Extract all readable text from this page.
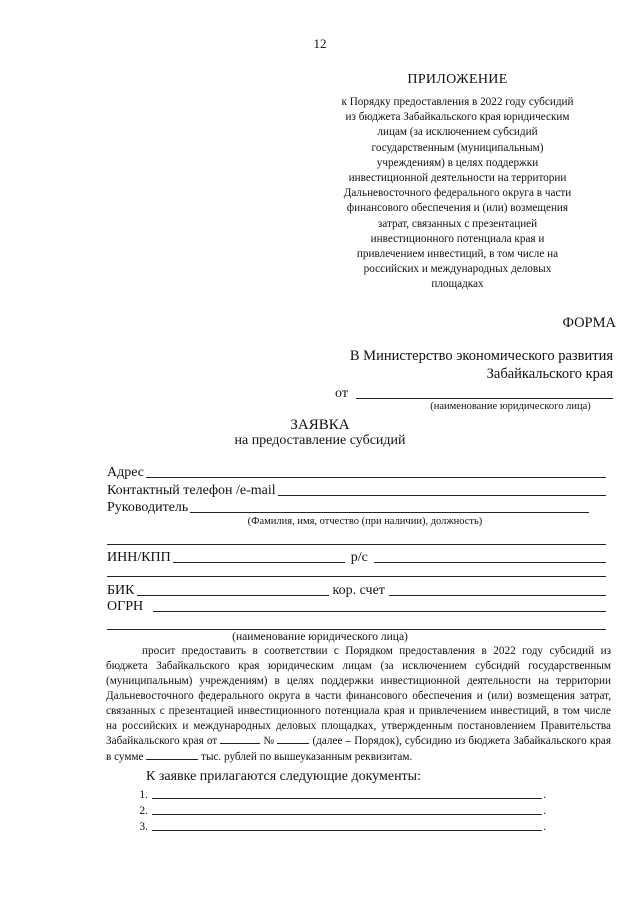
12
ПРИЛОЖЕНИЕ
к Порядку предоставления в 2022 году субсидий
из бюджета Забайкальского края юридическим
лицам (за исключением субсидий
государственным (муниципальным)
учреждениям) в целях поддержки
инвестиционной деятельности на территории
Дальневосточного федерального округа в части
финансового обеспечения и (или) возмещения
затрат, связанных с презентацией
инвестиционного потенциала края и
привлечением инвестиций, в том числе на
российских и международных деловых
площадках
ФОРМА
В Министерство экономического развития
Забайкальского края
от
(наименование юридического лица)
ЗАЯВКА
на предоставление субсидий
Адрес
Контактный телефон /e-mail
Руководитель
(Фамилия, имя, отчество (при наличии), должность)
ИНН/КПП	р/с
БИК	кор. счет
ОГРН
(наименование юридического лица)
просит предоставить в соответствии с Порядком предоставления в 2022 году субсидий из бюджета Забайкальского края юридическим лицам (за исключением субсидий государственным (муниципальным) учреждениям) в целях поддержки инвестиционной деятельности на территории Дальневосточного федерального округа в части финансового обеспечения и (или) возмещения затрат, связанных с презентацией инвестиционного потенциала края и привлечением инвестиций, в том числе на российских и международных деловых площадках, утвержденным постановлением Правительства Забайкальского края от	№	(далее – Порядок), субсидию из бюджета Забайкальского края в сумме	тыс. рублей по вышеуказанным реквизитам.
К заявке прилагаются следующие документы:
1.	.
2.	.
3.	.
